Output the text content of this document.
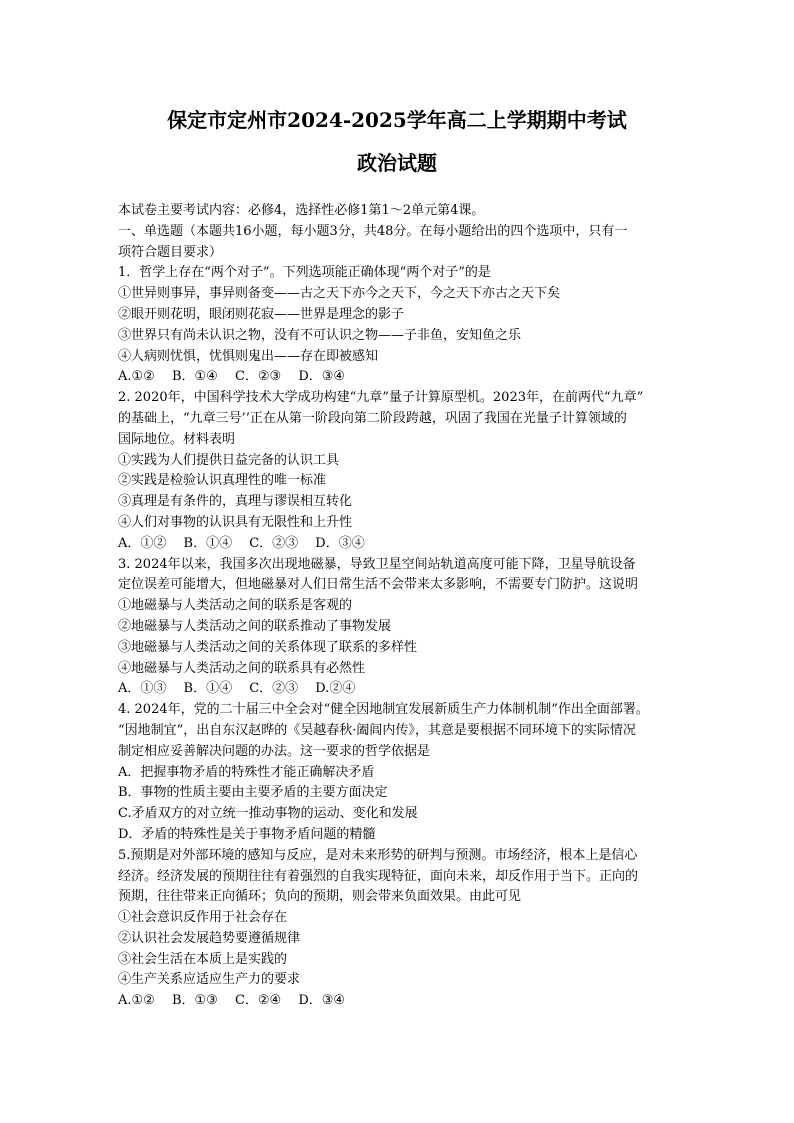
保定市定州市2024-2025学年高二上学期期中考试
政治试题
本试卷主要考试内容：必修4，选择性必修1第1～2单元第4课。
一、单选题（本题共16小题，每小题3分，共48分。在每小题给出的四个选项中，只有一
项符合题目要求）
1．哲学上存在“两个对子”。下列选项能正确体现“两个对子”的是
①世异则事异，事异则备变——古之天下亦今之天下，今之天下亦古之天下矣
②眼开则花明，眼闭则花寂——世界是理念的影子
③世界只有尚未认识之物，没有不可认识之物——子非鱼，安知鱼之乐
④人病则忧惧，忧惧则鬼出——存在即被感知
A.①②　 B．①④　 C．②③　 D．③④
2. 2020年，中国科学技术大学成功构建“九章”量子计算原型机。2023年，在前两代“九章”
的基础上，“九章三号’’正在从第一阶段向第二阶段跨越，巩固了我国在光量子计算领域的
国际地位。材料表明
①实践为人们提供日益完备的认识工具
②实践是检验认识真理性的唯一标准
③真理是有条件的，真理与谬误相互转化
④人们对事物的认识具有无限性和上升性
A．①②　 B．①④　 C．②③　 D．③④
3. 2024年以来，我国多次出现地磁暴，导致卫星空间站轨道高度可能下降，卫星导航设备
定位误差可能增大，但地磁暴对人们日常生活不会带来太多影响，不需要专门防护。这说明
①地磁暴与人类活动之间的联系是客观的
②地磁暴与人类活动之间的联系推动了事物发展
③地磁暴与人类活动之间的关系体现了联系的多样性
④地磁暴与人类活动之间的联系具有必然性
A．①③　 B．①④　 C．②③　 D.②④
4. 2024年，党的二十届三中全会对“健全因地制宜发展新质生产力体制机制”作出全面部署。
“因地制宜”，出自东汉赵晔的《吴越春秋·阖闾内传》，其意是要根据不同环境下的实际情况
制定相应妥善解决问题的办法。这一要求的哲学依据是
A．把握事物矛盾的特殊性才能正确解决矛盾
B．事物的性质主要由主要矛盾的主要方面决定
C.矛盾双方的对立统一推动事物的运动、变化和发展
D．矛盾的特殊性是关于事物矛盾问题的精髓
5.预期是对外部环境的感知与反应，是对未来形势的研判与预测。市场经济，根本上是信心
经济。经济发展的预期往往有着强烈的自我实现特征，面向未来，却反作用于当下。正向的
预期，往往带来正向循环；负向的预期，则会带来负面效果。由此可见
①社会意识反作用于社会存在
②认识社会发展趋势要遵循规律
③社会生活在本质上是实践的
④生产关系应适应生产力的要求
A.①②　 B．①③　 C．②④　 D．③④
